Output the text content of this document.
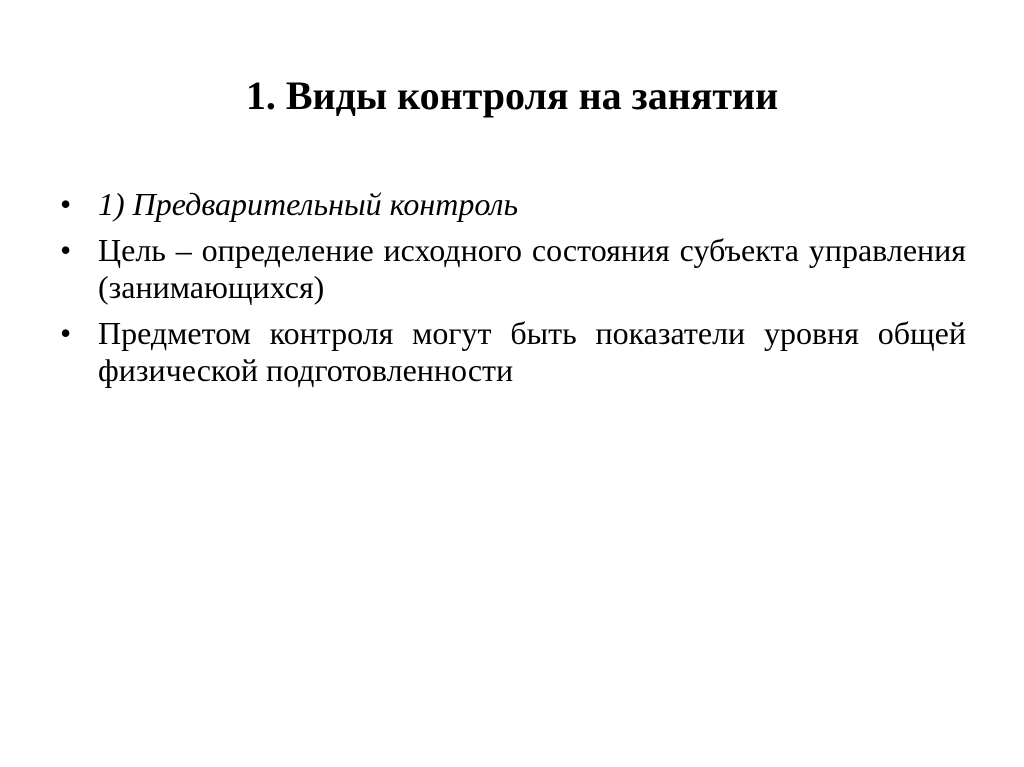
1. Виды контроля на занятии
• 1) Предварительный контроль
• Цель – определение исходного состояния субъекта управления (занимающихся)
• Предметом контроля могут быть показатели уровня общей физической подготовленности
